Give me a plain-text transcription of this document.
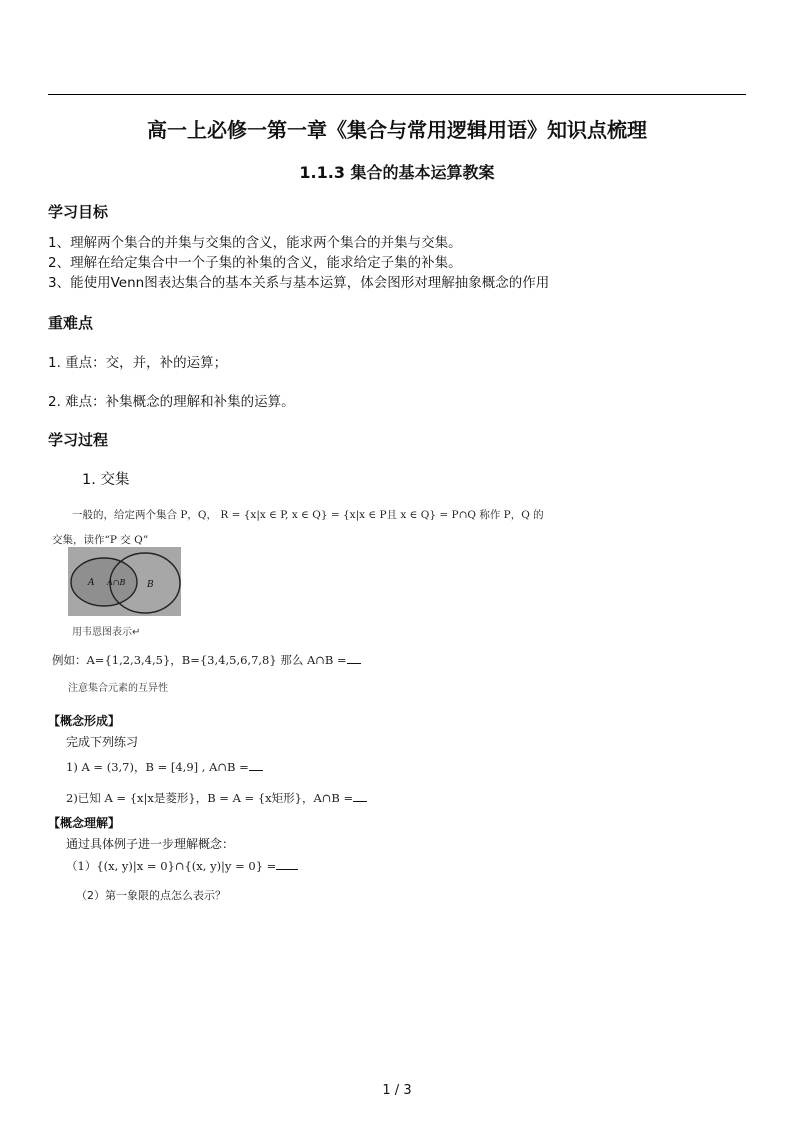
高一上必修一第一章《集合与常用逻辑用语》知识点梳理
1.1.3 集合的基本运算教案
学习目标
1、理解两个集合的并集与交集的含义，能求两个集合的并集与交集。
2、理解在给定集合中一个子集的补集的含义，能求给定子集的补集。
3、能使用Venn图表达集合的基本关系与基本运算，体会图形对理解抽象概念的作用
重难点
1. 重点：交，并，补的运算；
2. 难点：补集概念的理解和补集的运算。
学习过程
1. 交集
一般的，给定两个集合 P，Q， R = {x|x ∈ P, x ∈ Q} = {x|x ∈ P且 x ∈ Q} = P∩Q 称作 P，Q 的
交集，读作“P 交 Q”
A A∩B B
用韦恩图表示↵
例如：A={1,2,3,4,5}，B={3,4,5,6,7,8} 那么 A∩B =
注意集合元素的互异性
【概念形成】
完成下列练习
1) A = (3,7)，B = [4,9] , A∩B =
2)已知 A = {x|x是菱形}，B = A = {x矩形}，A∩B =
【概念理解】
通过具体例子进一步理解概念：
（1）{(x, y)|x = 0}∩{(x, y)|y = 0} =
（2）第一象限的点怎么表示？
1 / 3
